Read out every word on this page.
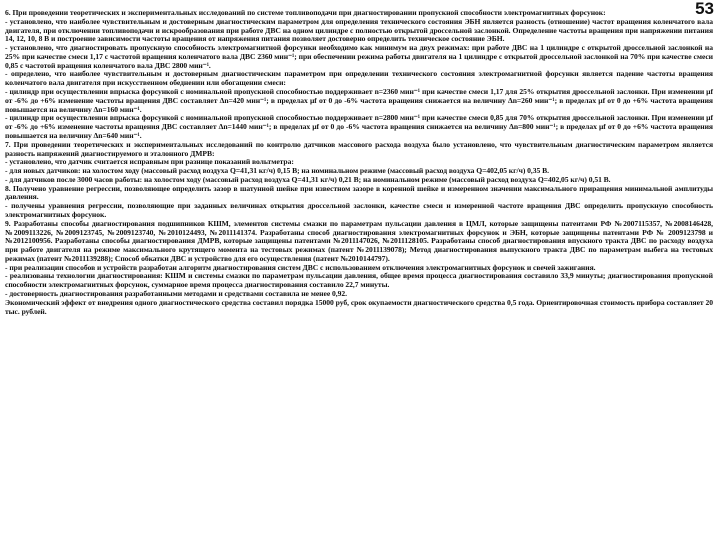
53

6. При проведении теоретических и экспериментальных исследований по системе топливоподачи при диагностировании пропускной способности электромагнитных форсунок:

- установлено, что наиболее чувствительным и достоверным диагностическим параметром для определения технического состояния ЭБН является разность (отношение) частот вращения коленчатого вала двигателя, при отключении топливоподачи и искрообразования при работе ДВС на одном цилиндре с полностью открытой дроссельной заслонкой. Определение частоты вращения при напряжении питания 14, 12, 10, 8 В и построение зависимости частоты вращения от напряжения питания позволяет достоверно определить техническое состояние ЭБН.

- установлено, что диагностировать пропускную способность электромагнитной форсунки необходимо как минимум на двух режимах: при работе ДВС на 1 цилиндре с открытой дроссельной заслонкой на 25% при качестве смеси 1,17 с частотой вращения коленчатого вала ДВС 2360 мин⁻¹; при обеспечении режима работы двигателя на 1 цилиндре с открытой дроссельной заслонкой на 70% при качестве смеси 0,85 с частотой вращения коленчатого вала ДВС 2800 мин⁻¹.

- определено, что наиболее чувствительным и достоверным диагностическим параметром при определении технического состояния электромагнитной форсунки является падение частоты вращения коленчатого вала двигателя при искусственном обеднении или обогащении смеси:

- цилиндр при осуществлении впрыска форсункой с номинальной пропускной способностью поддерживает n=2360 мин⁻¹ при качестве смеси 1,17 для 25% открытия дроссельной заслонки. При изменении µf от -6% до +6% изменение частоты вращения ДВС составляет Δn=420 мин⁻¹; в пределах µf от 0 до -6% частота вращения снижается на величину Δn=260 мин⁻¹; в пределах µf от 0 до +6% частота вращения повышается на величину Δn=160 мин⁻¹.

- цилиндр при осуществлении впрыска форсункой с номинальной пропускной способностью поддерживает n=2800 мин⁻¹ при качестве смеси 0,85 для 70% открытия дроссельной заслонки. При изменении µf от -6% до +6% изменение частоты вращения ДВС составляет Δn=1440 мин⁻¹; в пределах µf от 0 до -6% частота вращения снижается на величину Δn=800 мин⁻¹; в пределах µf от 0 до +6% частота вращения повышается на величину Δn=640 мин⁻¹.

7. При проведении теоретических и экспериментальных исследований по контролю датчиков массового расхода воздуха было установлено, что чувствительным диагностическим параметром является разность напряжений диагностируемого и эталонного ДМРВ:

- установлено, что датчик считается исправным при разнице показаний вольтметра:

- для новых датчиков: на холостом ходу (массовый расход воздуха Q=41,31 кг/ч) 0,15 В; на номинальном режиме (массовый расход воздуха Q=402,05 кг/ч) 0,35 В.

- для датчиков после 3000 часов работы: на холостом ходу (массовый расход воздуха Q=41,31 кг/ч) 0,21 В; на номинальном режиме (массовый расход воздуха Q=402,05 кг/ч) 0,51 В.

8. Получено уравнение регрессии, позволяющее определить зазор в шатунной шейке при известном зазоре в коренной шейке и измеренном значении максимального приращения минимальной амплитуды давления.

- получены уравнения регрессии, позволяющие при заданных величинах открытия дроссельной заслонки, качестве смеси и измеренной частоте вращения ДВС определить пропускную способность электромагнитных форсунок.

9. Разработаны способы диагностирования подшипников КШМ, элементов системы смазки по параметрам пульсации давления в ЦМЛ, которые защищены патентами РФ №2007115357, №2008146428, №2009113226, №2009123745, №2009123740, №2010124493, №2011141374. Разработаны способ диагностирования электромагнитных форсунок и ЭБН, которые защищены патентами РФ № 2009123798 и №2012100956. Разработаны способы диагностирования ДМРВ, которые защищены патентами №2011147026, №2011128105. Разработаны способ диагностирования впускного тракта ДВС по расходу воздуха при работе двигателя на режиме максимального крутящего момента на тестовых режимах (патент №2011139078); Метод диагностирования выпускного тракта ДВС по параметрам выбега на тестовых режимах (патент №2011139288); Способ обкатки ДВС и устройство для его осуществления (патент №2010144797).

- при реализации способов и устройств разработан алгоритм диагностирования систем ДВС с использованием отключения электромагнитных форсунок и свечей зажигания.

- реализованы технологии диагностирования: КШМ и системы смазки по параметрам пульсации давления, общее время процесса диагностирования составило 33,9 минуты; диагностирования пропускной способности электромагнитных форсунок, суммарное время процесса диагностирования составило 22,7 минуты.

- достоверность диагностирования разработанными методами и средствами составила не менее 0,92.

Экономический эффект от внедрения одного диагностического средства составил порядка 15000 руб, срок окупаемости диагностического средства 0,5 года. Ориентировочная стоимость прибора составляет 20 тыс. рублей.
